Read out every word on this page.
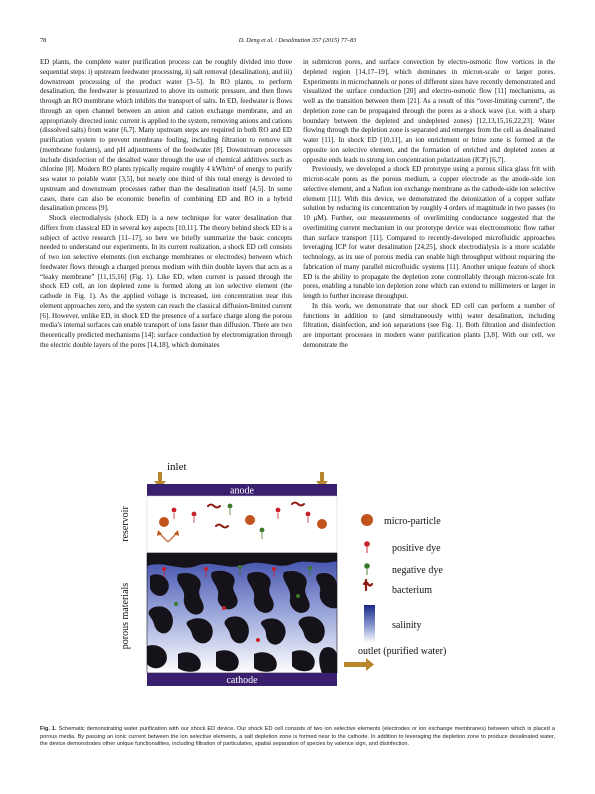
78	D. Deng et al. / Desalination 357 (2015) 77–83

ED plants, the complete water purification process can be roughly divided into three sequential steps: i) upstream feedwater processing, ii) salt removal (desalination), and iii) downstream processing of the product water [3–5]. In RO plants, to perform desalination, the feedwater is pressurized to above its osmotic pressure, and then flows through an RO membrane which inhibits the transport of salts. In ED, feedwater is flows through an open channel between an anion and cation exchange membrane, and an appropriately directed ionic current is applied to the system, removing anions and cations (dissolved salts) from water [6,7]. Many upstream steps are required in both RO and ED purification system to prevent membrane fouling, including filtration to remove silt (membrane foulants), and pH adjustments of the feedwater [8]. Downstream processes include disinfection of the desalted water through the use of chemical additives such as chlorine [8]. Modern RO plants typically require roughly 4 kWh/m³ of energy to purify sea water to potable water [3,5], but nearly one third of this total energy is devoted to upstream and downstream processes rather than the desalination itself [4,5]. In some cases, there can also be economic benefits of combining ED and RO in a hybrid desalination process [9].

Shock electrodialysis (shock ED) is a new technique for water desalination that differs from classical ED in several key aspects [10,11]. The theory behind shock ED is a subject of active research [11–17], so here we briefly summarize the basic concepts needed to understand our experiments. In its current realization, a shock ED cell consists of two ion selective elements (ion exchange membranes or electrodes) between which feedwater flows through a charged porous medium with thin double layers that acts as a “leaky membrane” [11,15,16] (Fig. 1). Like ED, when current is passed through the shock ED cell, an ion depleted zone is formed along an ion selective element (the cathode in Fig. 1). As the applied voltage is increased, ion concentration near this element approaches zero, and the system can reach the classical diffusion-limited current [6]. However, unlike ED, in shock ED the presence of a surface charge along the porous media’s internal surfaces can enable transport of ions faster than diffusion. There are two theoretically predicted mechanisms [14]: surface conduction by electromigration through the electric double layers of the pores [14,18], which dominates

in submicron pores, and surface convection by electro-osmotic flow vortices in the depleted region [14,17–19], which dominates in micron-scale or larger pores. Experiments in microchannels or pores of different sizes have recently demonstrated and visualized the surface conduction [20] and electro-osmotic flow [11] mechanisms, as well as the transition between them [21]. As a result of this “over-limiting current”, the depletion zone can be propagated through the pores as a shock wave (i.e. with a sharp boundary between the depleted and undepleted zones) [12,13,15,16,22,23]. Water flowing through the depletion zone is separated and emerges from the cell as desalinated water [11]. In shock ED [10,11], an ion enrichment or brine zone is formed at the opposite ion selective element, and the formation of enriched and depleted zones at opposite ends leads to strong ion concentration polarization (ICP) [6,7].

Previously, we developed a shock ED prototype using a porous silica glass frit with micron-scale pores as the porous medium, a copper electrode as the anode-side ion selective element, and a Nafion ion exchange membrane as the cathode-side ion selective element [11]. With this device, we demonstrated the deionization of a copper sulfate solution by reducing its concentration by roughly 4 orders of magnitude in two passes (to 10 μM). Further, our measurements of overlimiting conductance suggested that the overlimiting current mechanism in our prototype device was electroosmotic flow rather than surface transport [11]. Compared to recently-developed microfluidic approaches leveraging ICP for water desalination [24,25], shock electrodialysis is a more scalable technology, as its use of porous media can enable high throughput without requiring the fabrication of many parallel microfluidic systems [11]. Another unique feature of shock ED is the ability to propagate the depletion zone controllably through micron-scale frit pores, enabling a tunable ion depletion zone which can extend to millimeters or larger in length to further increase throughput.

In this work, we demonstrate that our shock ED cell can perform a number of functions in addition to (and simultaneously with) water desalination, including filtration, disinfection, and ion separations (see Fig. 1). Both filtration and disinfection are important processes in modern water purification plants [3,8]. With our cell, we demonstrate the

inlet
anode
reservoir
porous materials
cathode
outlet (purified water)
micro-particle
positive dye
negative dye
bacterium
salinity
Fig. 1. Schematic demonstrating water purification with our shock ED device. Our shock ED cell consists of two ion selective elements (electrodes or ion exchange membranes) between which is placed a porous media. By passing an ionic current between the ion selective elements, a salt depletion zone is formed near to the cathode. In addition to leveraging the depletion zone to produce desalinated water, the device demonstrates other unique functionalities, including filtration of particulates, spatial separation of species by valence sign, and disinfection.
